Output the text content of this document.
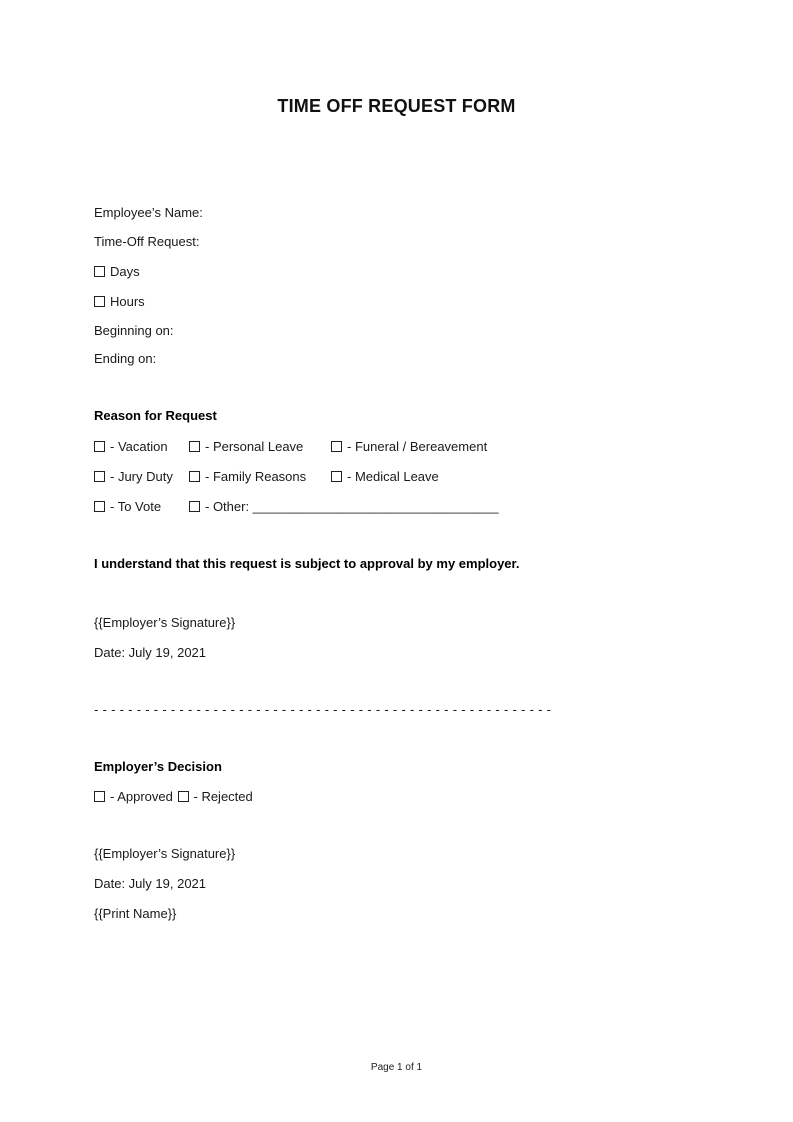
TIME OFF REQUEST FORM
Employee’s Name:
Time-Off Request:
Days
Hours
Beginning on:
Ending on:
Reason for Request
- Vacation	- Personal Leave	- Funeral / Bereavement
- Jury Duty	- Family Reasons	- Medical Leave
- To Vote	- Other: __________________________________
I understand that this request is subject to approval by my employer.
{{Employer’s Signature}}
Date: July 19, 2021
- - - - - - - - - - - - - - - - - - - - - - - - - - - - - - - - - - - - - - - - - - - - - - - - - - - - - -
Employer’s Decision
- Approved - Rejected
{{Employer’s Signature}}
Date: July 19, 2021
{{Print Name}}
Page 1 of 1
